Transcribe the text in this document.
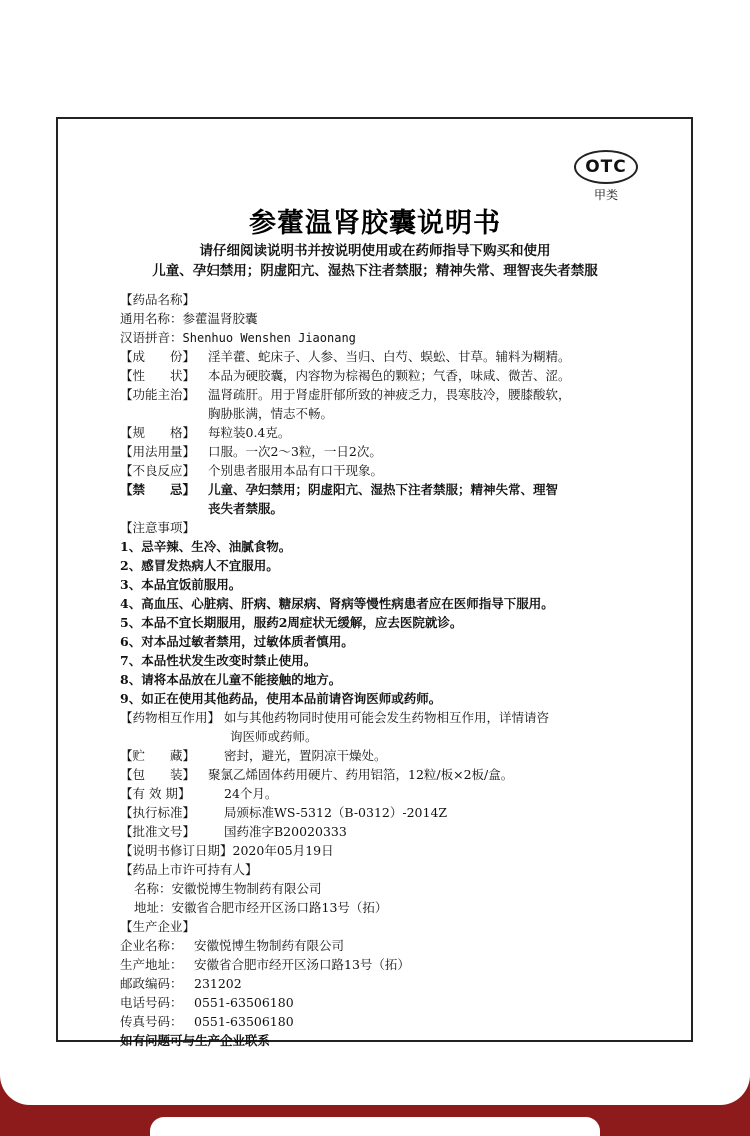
OTC
甲类
参藿温肾胶囊说明书
请仔细阅读说明书并按说明使用或在药师指导下购买和使用
儿童、孕妇禁用；阴虚阳亢、湿热下注者禁服；精神失常、理智丧失者禁服
【药品名称】
通用名称：参藿温肾胶囊
汉语拼音：Shenhuo Wenshen Jiaonang
【成　　份】 淫羊藿、蛇床子、人参、当归、白芍、蜈蚣、甘草。辅料为糊精。
【性　　状】 本品为硬胶囊，内容物为棕褐色的颗粒；气香，味咸、微苦、涩。
【功能主治】 温肾疏肝。用于肾虚肝郁所致的神疲乏力，畏寒肢冷，腰膝酸软，
胸胁胀满，情志不畅。
【规　　格】 每粒装0.4克。
【用法用量】 口服。一次2～3粒，一日2次。
【不良反应】 个别患者服用本品有口干现象。
【禁　　忌】 儿童、孕妇禁用；阴虚阳亢、湿热下注者禁服；精神失常、理智
丧失者禁服。
【注意事项】
1、忌辛辣、生冷、油腻食物。
2、感冒发热病人不宜服用。
3、本品宜饭前服用。
4、高血压、心脏病、肝病、糖尿病、肾病等慢性病患者应在医师指导下服用。
5、本品不宜长期服用，服药2周症状无缓解，应去医院就诊。
6、对本品过敏者禁用，过敏体质者慎用。
7、本品性状发生改变时禁止使用。
8、请将本品放在儿童不能接触的地方。
9、如正在使用其他药品，使用本品前请咨询医师或药师。
【药物相互作用】 如与其他药物同时使用可能会发生药物相互作用，详情请咨
询医师或药师。
【贮　　藏】 密封，避光，置阴凉干燥处。
【包　　装】 聚氯乙烯固体药用硬片、药用铝箔，12粒/板×2板/盒。
【有 效 期】	24个月。
【执行标准】 局颁标准WS-5312（B-0312）-2014Z
【批准文号】 国药准字B20020333
【说明书修订日期】2020年05月19日
【药品上市许可持有人】
名称：安徽悦博生物制药有限公司
地址：安徽省合肥市经开区汤口路13号（拓）
【生产企业】
企业名称： 安徽悦博生物制药有限公司
生产地址： 安徽省合肥市经开区汤口路13号（拓）
邮政编码： 231202
电话号码： 0551-63506180
传真号码： 0551-63506180
如有问题可与生产企业联系
